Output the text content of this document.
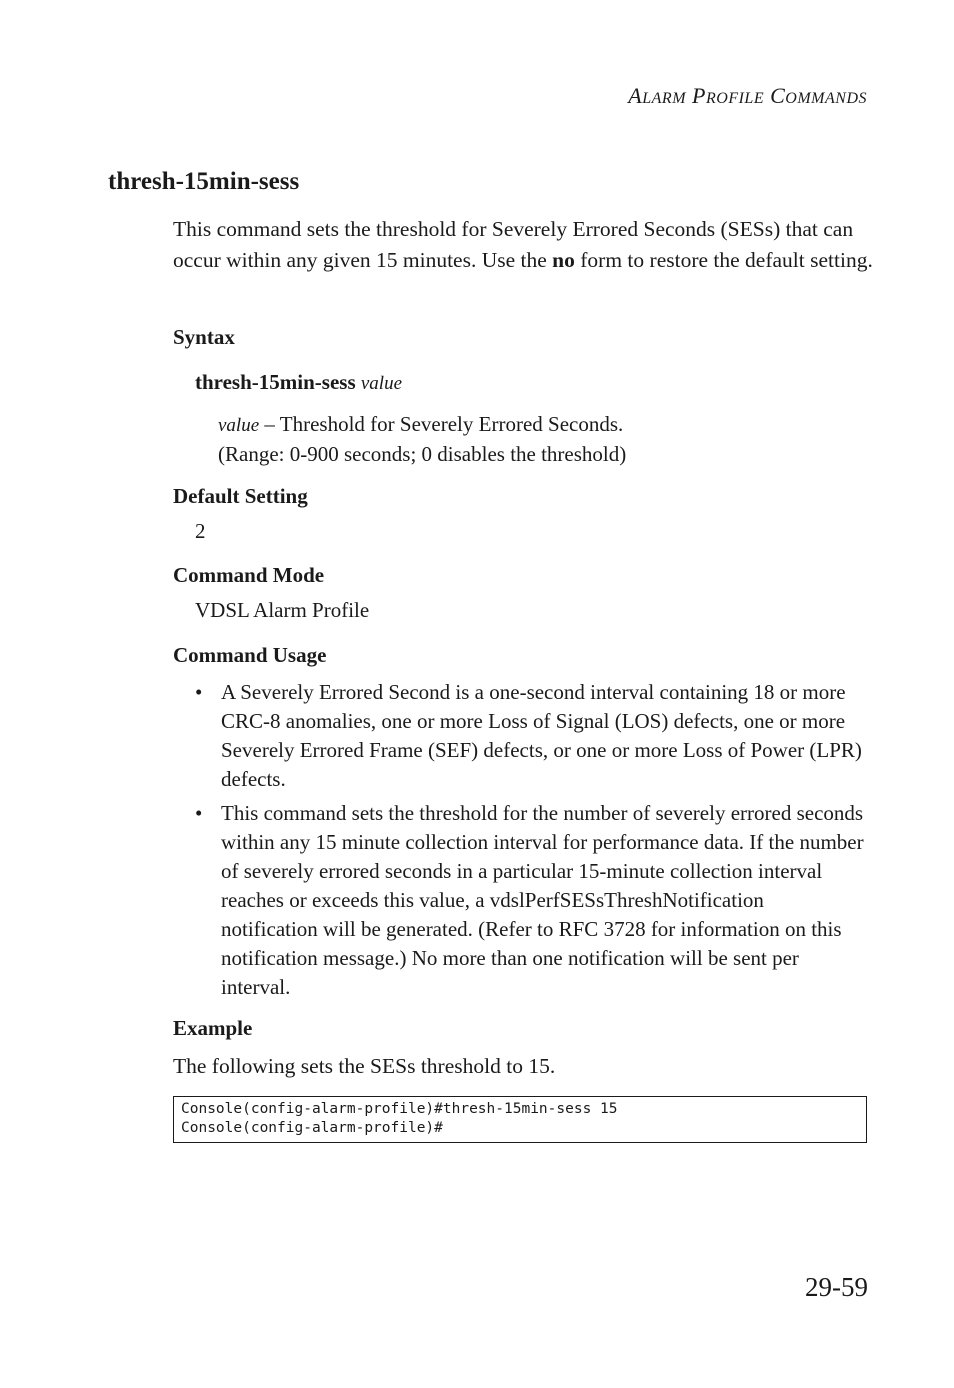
ALARM PROFILE COMMANDS
thresh-15min-sess
This command sets the threshold for Severely Errored Seconds (SESs) that can occur within any given 15 minutes. Use the no form to restore the default setting.
Syntax
thresh-15min-sess value
value – Threshold for Severely Errored Seconds.
(Range: 0-900 seconds; 0 disables the threshold)
Default Setting
2
Command Mode
VDSL Alarm Profile
Command Usage
• A Severely Errored Second is a one-second interval containing 18 or more CRC-8 anomalies, one or more Loss of Signal (LOS) defects, one or more Severely Errored Frame (SEF) defects, or one or more Loss of Power (LPR) defects.
• This command sets the threshold for the number of severely errored seconds within any 15 minute collection interval for performance data. If the number of severely errored seconds in a particular 15-minute collection interval reaches or exceeds this value, a vdslPerfSESsThreshNotification notification will be generated. (Refer to RFC 3728 for information on this notification message.) No more than one notification will be sent per interval.
Example
The following sets the SESs threshold to 15.
Console(config-alarm-profile)#thresh-15min-sess 15
Console(config-alarm-profile)#
29-59
